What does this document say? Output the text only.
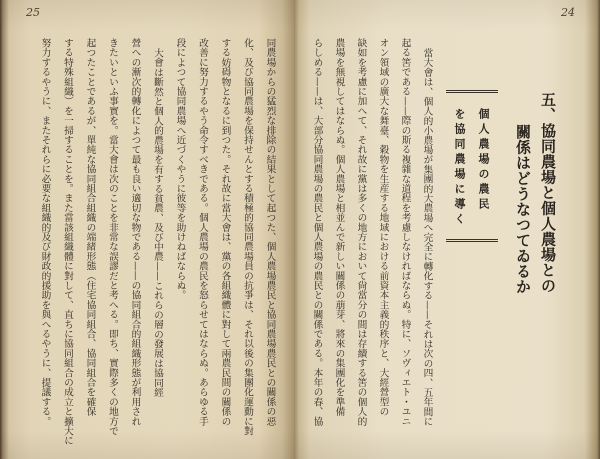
25
同農場からの猛烈な排除の結果として起つた、個人農場農民と協同農場農民との關係の惡
化、及び協同農場を保持せんとする積極的協同農場員の抗爭は、それ以後の集團化運動に對
する妨碍物となるに到つた。それ故に當大會は、黨の各組織體に對して兩農民間の關係の
改善に努力するやう命令すべきである。個人農場の農民を怒らせてはならぬ。あらゆる手
段によつて協同農場へ近づくやうに彼等を助けねばならぬ。
大會は斷然と個人的農場を有する貧農、及び中農——これらの層の發展は協同經
營への漸次的轉化によつて最も良い適切な物である——の協同組合的組織形態が利用され
きたいといふ事實を。當大會は次のことを非常な誤謬だと考へる。即ち、實際多くの地方で
起つたことであるが、單純な協同組合組織の端緒形態（住宅協同組合、協同組合を確保
する特殊組織）を一掃することを。また當該組織體に對して、直ちに協同組合の成立と擴大に
努力するやうに、またそれらに必要な組織的及び財政的援助を與へるやうに、提議する。
24
五、協同農場と個人農場との
關係はどうなつてゐるか
個人農場の農民
を協同農場に導く
當大會は、個人的小農場が集團的大農場へ完全に轉化する——それは次の四、五年間に
起る筈である——際の斯る複雜な道程を考慮しなければならぬ。特に、ソヴィエト・ユニ
オン領域の廣大な舞臺、穀物を生産する地域における前資本主義的秩序と、大經營型の
缺如を考慮に加へて、それ故に黨は多くの地方において尙當分の間は存續する筈の個人的
農場を無視してはならぬ。個人農場と相並んで新しい關係の萠芽、將來の集團化を準備
らしめる——は、大部分協同農場の農民と個人農場の農民との關係である。本年の春、協
